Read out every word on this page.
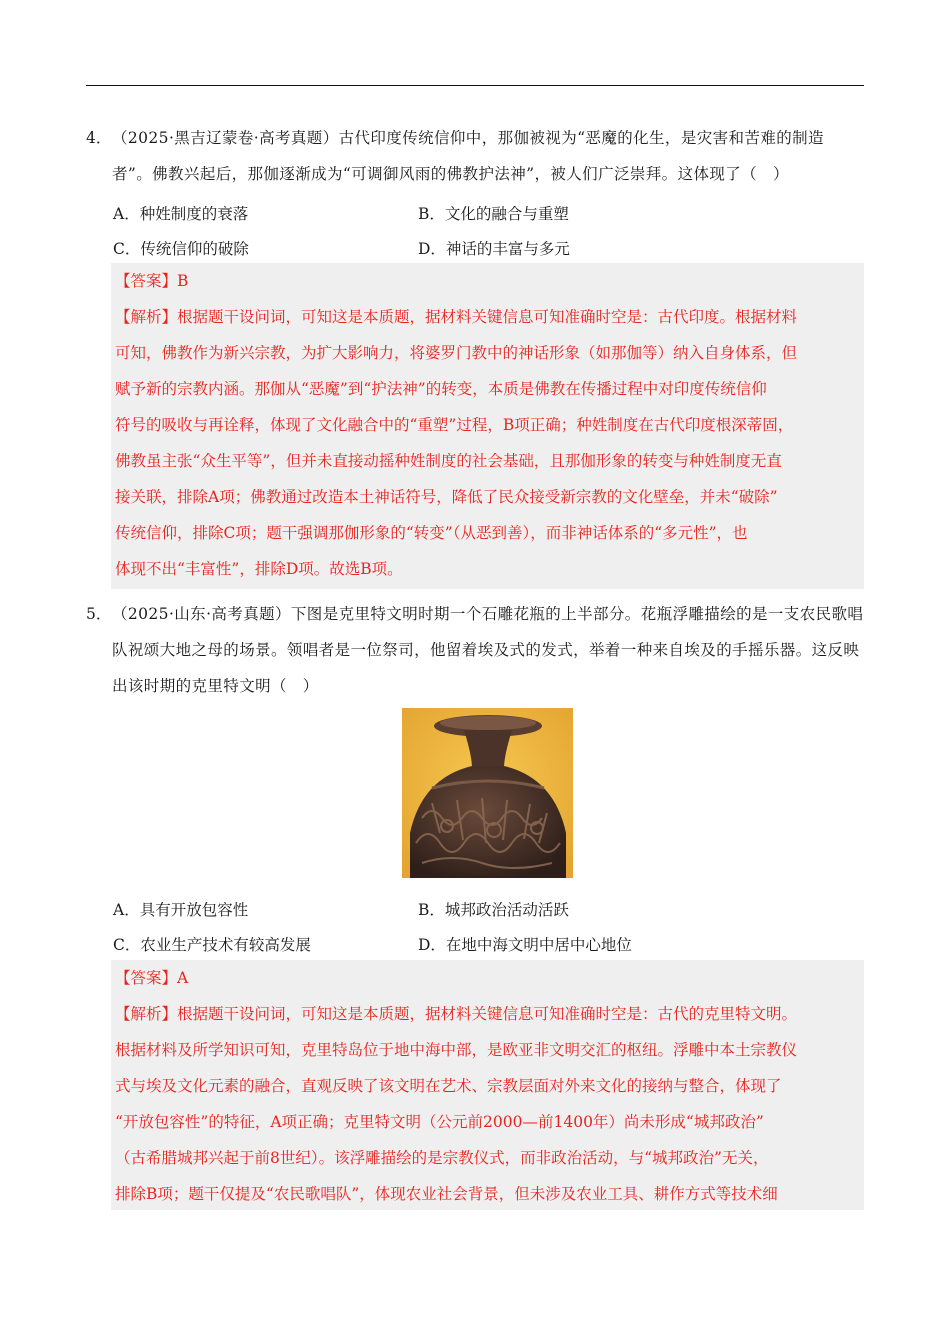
4． （2025·黑吉辽蒙卷·高考真题）古代印度传统信仰中，那伽被视为“恶魔的化生，是灾害和苦难的制造者”。佛教兴起后，那伽逐渐成为“可调御风雨的佛教护法神”，被人们广泛崇拜。这体现了（　）
A．种姓制度的衰落	B．文化的融合与重塑
C．传统信仰的破除	D．神话的丰富与多元
【答案】B
【解析】根据题干设问词，可知这是本质题，据材料关键信息可知准确时空是：古代印度。根据材料
可知，佛教作为新兴宗教，为扩大影响力，将婆罗门教中的神话形象（如那伽等）纳入自身体系，但
赋予新的宗教内涵。那伽从“恶魔”到“护法神”的转变，本质是佛教在传播过程中对印度传统信仰
符号的吸收与再诠释，体现了文化融合中的“重塑”过程，B项正确；种姓制度在古代印度根深蒂固，
佛教虽主张“众生平等”，但并未直接动摇种姓制度的社会基础，且那伽形象的转变与种姓制度无直
接关联，排除A项；佛教通过改造本土神话符号，降低了民众接受新宗教的文化壁垒，并未“破除”
传统信仰，排除C项；题干强调那伽形象的“转变”（从恶到善），而非神话体系的“多元性”，也
体现不出“丰富性”，排除D项。故选B项。
5． （2025·山东·高考真题）下图是克里特文明时期一个石雕花瓶的上半部分。花瓶浮雕描绘的是一支农民歌唱队祝颂大地之母的场景。领唱者是一位祭司，他留着埃及式的发式，举着一种来自埃及的手摇乐器。这反映出该时期的克里特文明（　）
A．具有开放包容性	B．城邦政治活动活跃
C．农业生产技术有较高发展	D．在地中海文明中居中心地位
【答案】A
【解析】根据题干设问词，可知这是本质题，据材料关键信息可知准确时空是：古代的克里特文明。
根据材料及所学知识可知，克里特岛位于地中海中部，是欧亚非文明交汇的枢纽。浮雕中本土宗教仪
式与埃及文化元素的融合，直观反映了该文明在艺术、宗教层面对外来文化的接纳与整合，体现了
“开放包容性”的特征，A项正确；克里特文明（公元前2000—前1400年）尚未形成“城邦政治”
（古希腊城邦兴起于前8世纪）。该浮雕描绘的是宗教仪式，而非政治活动，与“城邦政治”无关，
排除B项；题干仅提及“农民歌唱队”，体现农业社会背景，但未涉及农业工具、耕作方式等技术细
